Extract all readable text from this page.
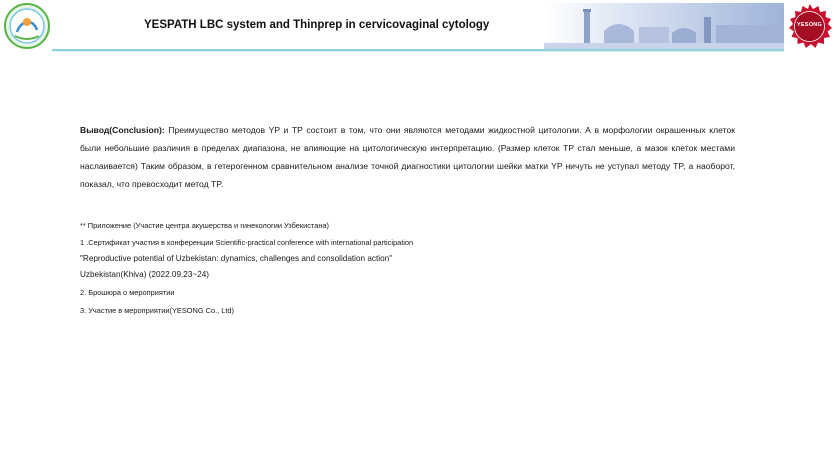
YESPATH LBC system and Thinprep in cervicovaginal cytology	YESONG
Вывод(Conclusion): Преимущество методов YP и TP состоит в том, что они являются методами жидкостной цитологии. А в морфологии окрашенных клеток были небольшие различия в пределах диапазона, не влияющие на цитологическую интерпретацию. (Размер клеток TP стал меньше, а мазок клеток местами наслаивается) Таким образом, в гетерогенном сравнительном анализе точной диагностики цитологии шейки матки YP ничуть не уступал методу TP, а наоборот, показал, что превосходит метод TP.
** Приложение (Участие центра акушерства и гинекологии Узбекистана)
1 .Сертификат участия в конференции Scientific-practical conference with international participation
"Reproductive potential of Uzbekistan: dynamics, challenges and consolidation action"
Uzbekistan(Khiva) (2022.09.23~24)
2. Брошюра о мероприятии
3. Участие в мероприятии(YESONG Co., Ltd)
